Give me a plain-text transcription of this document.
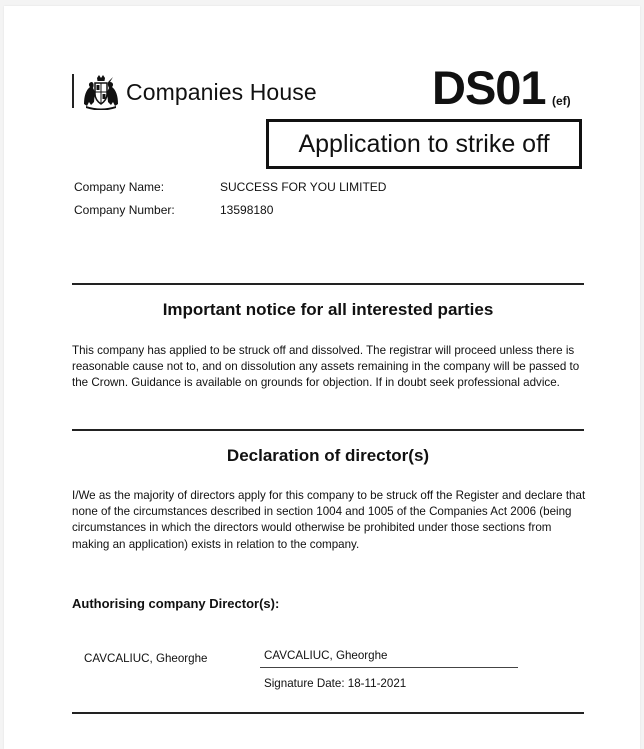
Companies House DS01 (ef)
Application to strike off
Company Name:	SUCCESS FOR YOU LIMITED
Company Number:	13598180
Important notice for all interested parties
This company has applied to be struck off and dissolved. The registrar will proceed unless there is reasonable cause not to, and on dissolution any assets remaining in the company will be passed to the Crown. Guidance is available on grounds for objection. If in doubt seek professional advice.
Declaration of director(s)
I/We as the majority of directors apply for this company to be struck off the Register and declare that none of the circumstances described in section 1004 and 1005 of the Companies Act 2006 (being circumstances in which the directors would otherwise be prohibited under those sections from making an application) exists in relation to the company.
Authorising company Director(s):
CAVCALIUC, Gheorghe	CAVCALIUC, Gheorghe
Signature Date: 18-11-2021
